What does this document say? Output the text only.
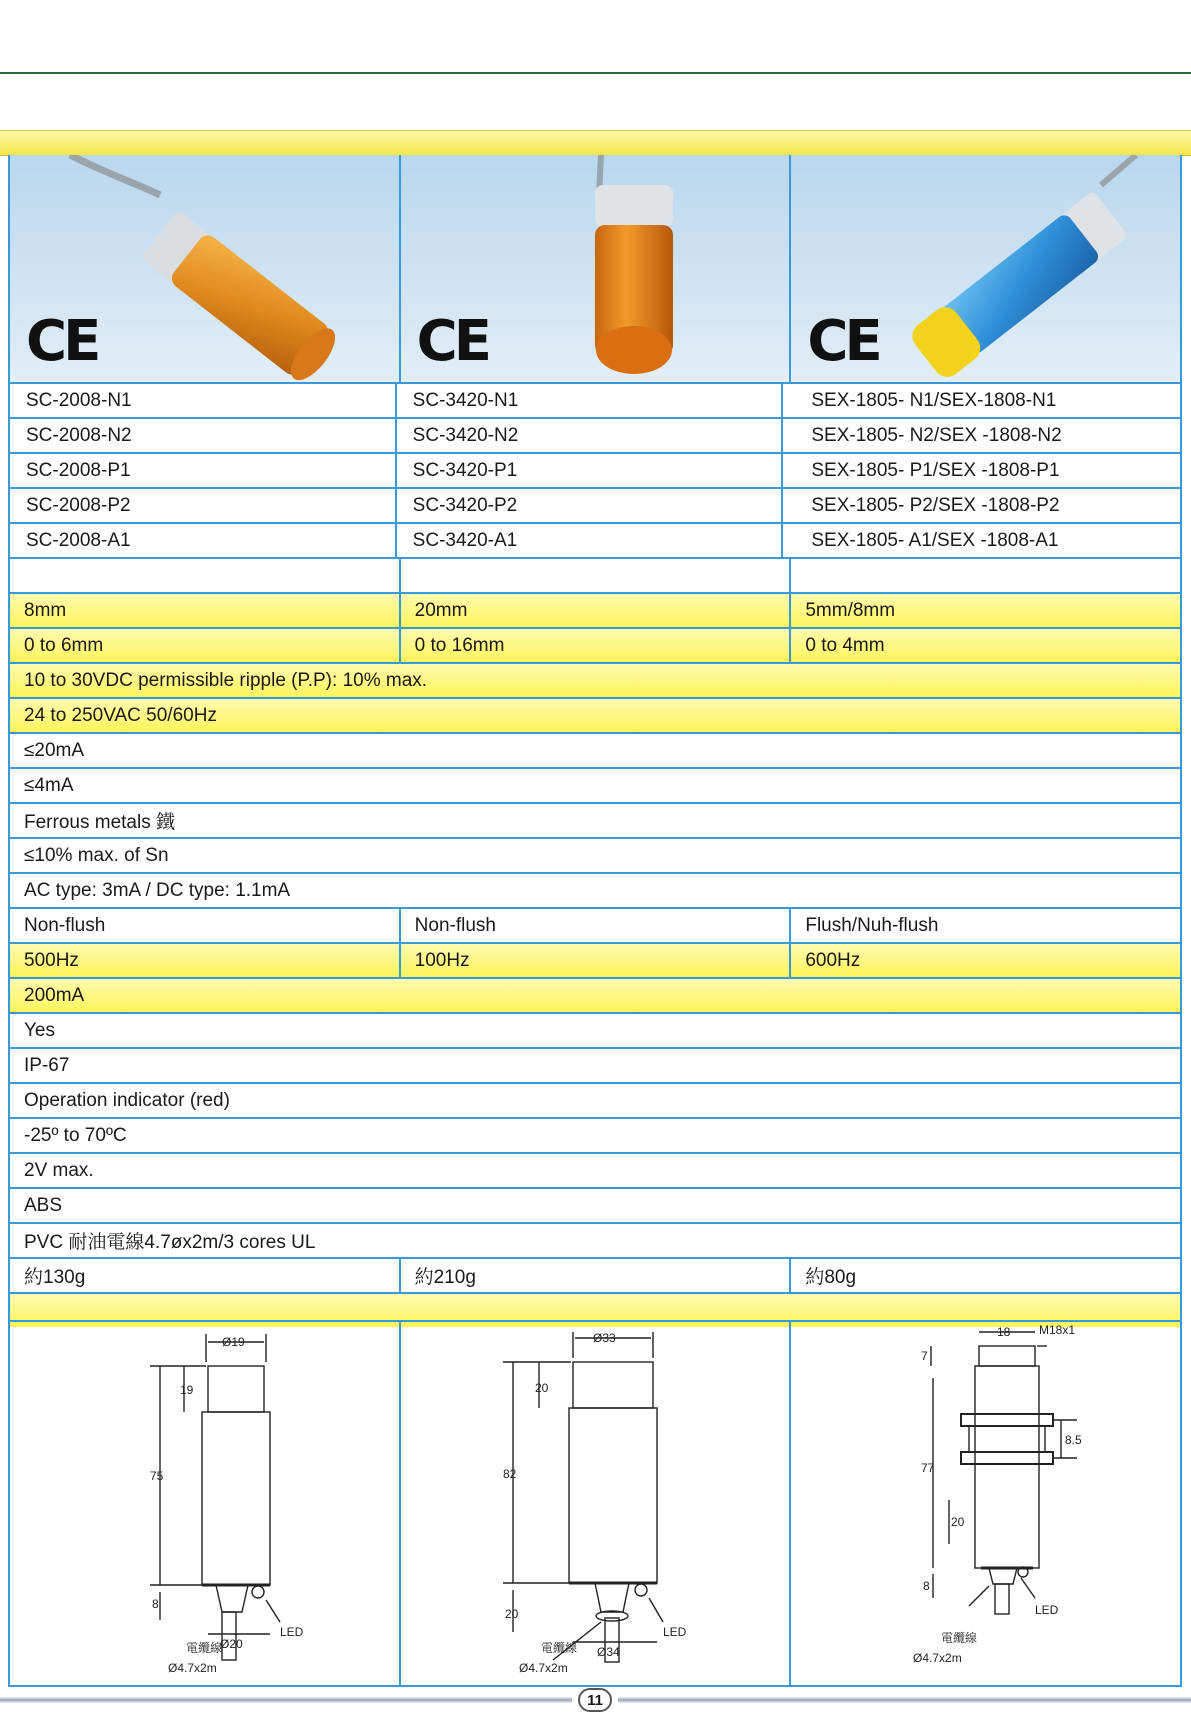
CE	CE	CE
SC-2008-N1	SC-3420-N1	SEX-1805- N1/SEX-1808-N1
SC-2008-N2	SC-3420-N2	SEX-1805- N2/SEX -1808-N2
SC-2008-P1	SC-3420-P1	SEX-1805- P1/SEX -1808-P1
SC-2008-P2	SC-3420-P2	SEX-1805- P2/SEX -1808-P2
SC-2008-A1	SC-3420-A1	SEX-1805- A1/SEX -1808-A1
8mm	20mm	5mm/8mm
0 to 6mm	0 to 16mm	0 to 4mm
10 to 30VDC permissible ripple (P.P): 10% max.
24 to 250VAC 50/60Hz
≤20mA
≤4mA
Ferrous metals 鐵
≤10% max. of Sn
AC type: 3mA / DC type: 1.1mA
Non-flush	Non-flush	Flush/Nuh-flush
500Hz	100Hz	600Hz
200mA
Yes
IP-67
Operation indicator (red)
-25º to 70ºC
2V max.
ABS
PVC 耐油電線4.7øx2m/3 cores UL
約130g	約210g	約80g
Ø19
19
75
8
Ø20
LED
Ø4.7x2m
電纜線
Ø33
20
82
20
Ø34
LED
Ø4.7x2m
電纜線
18 M18x1
7
77
8.5
20
8
LED
Ø4.7x2m
電纜線
11
